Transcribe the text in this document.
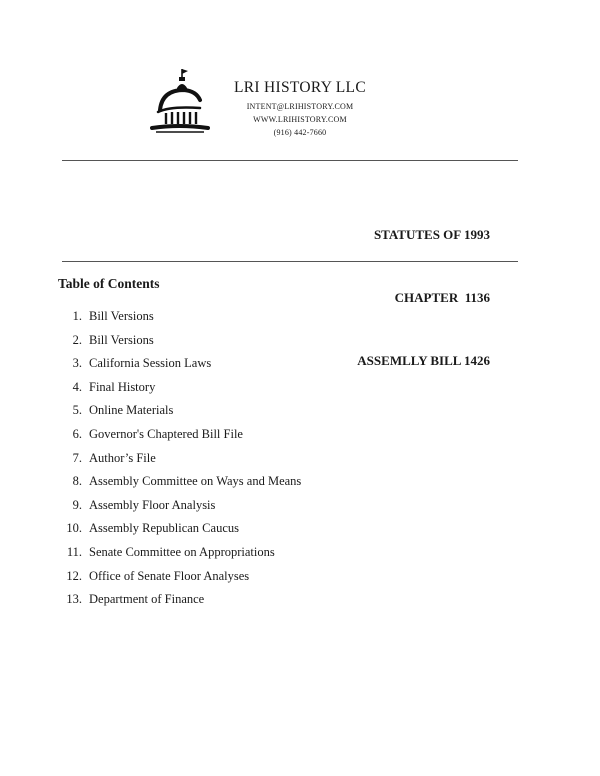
LRI HISTORY LLC
INTENT@LRIHISTORY.COM
WWW.LRIHISTORY.COM
(916) 442-7660

STATUTES OF 1993

CHAPTER  1136

ASSEMLLY BILL 1426

Table of Contents
1. Bill Versions
2. Bill Versions
3. California Session Laws
4. Final History
5. Online Materials
6. Governor's Chaptered Bill File
7. Author’s File
8. Assembly Committee on Ways and Means
9. Assembly Floor Analysis
10. Assembly Republican Caucus
11. Senate Committee on Appropriations
12. Office of Senate Floor Analyses
13. Department of Finance
